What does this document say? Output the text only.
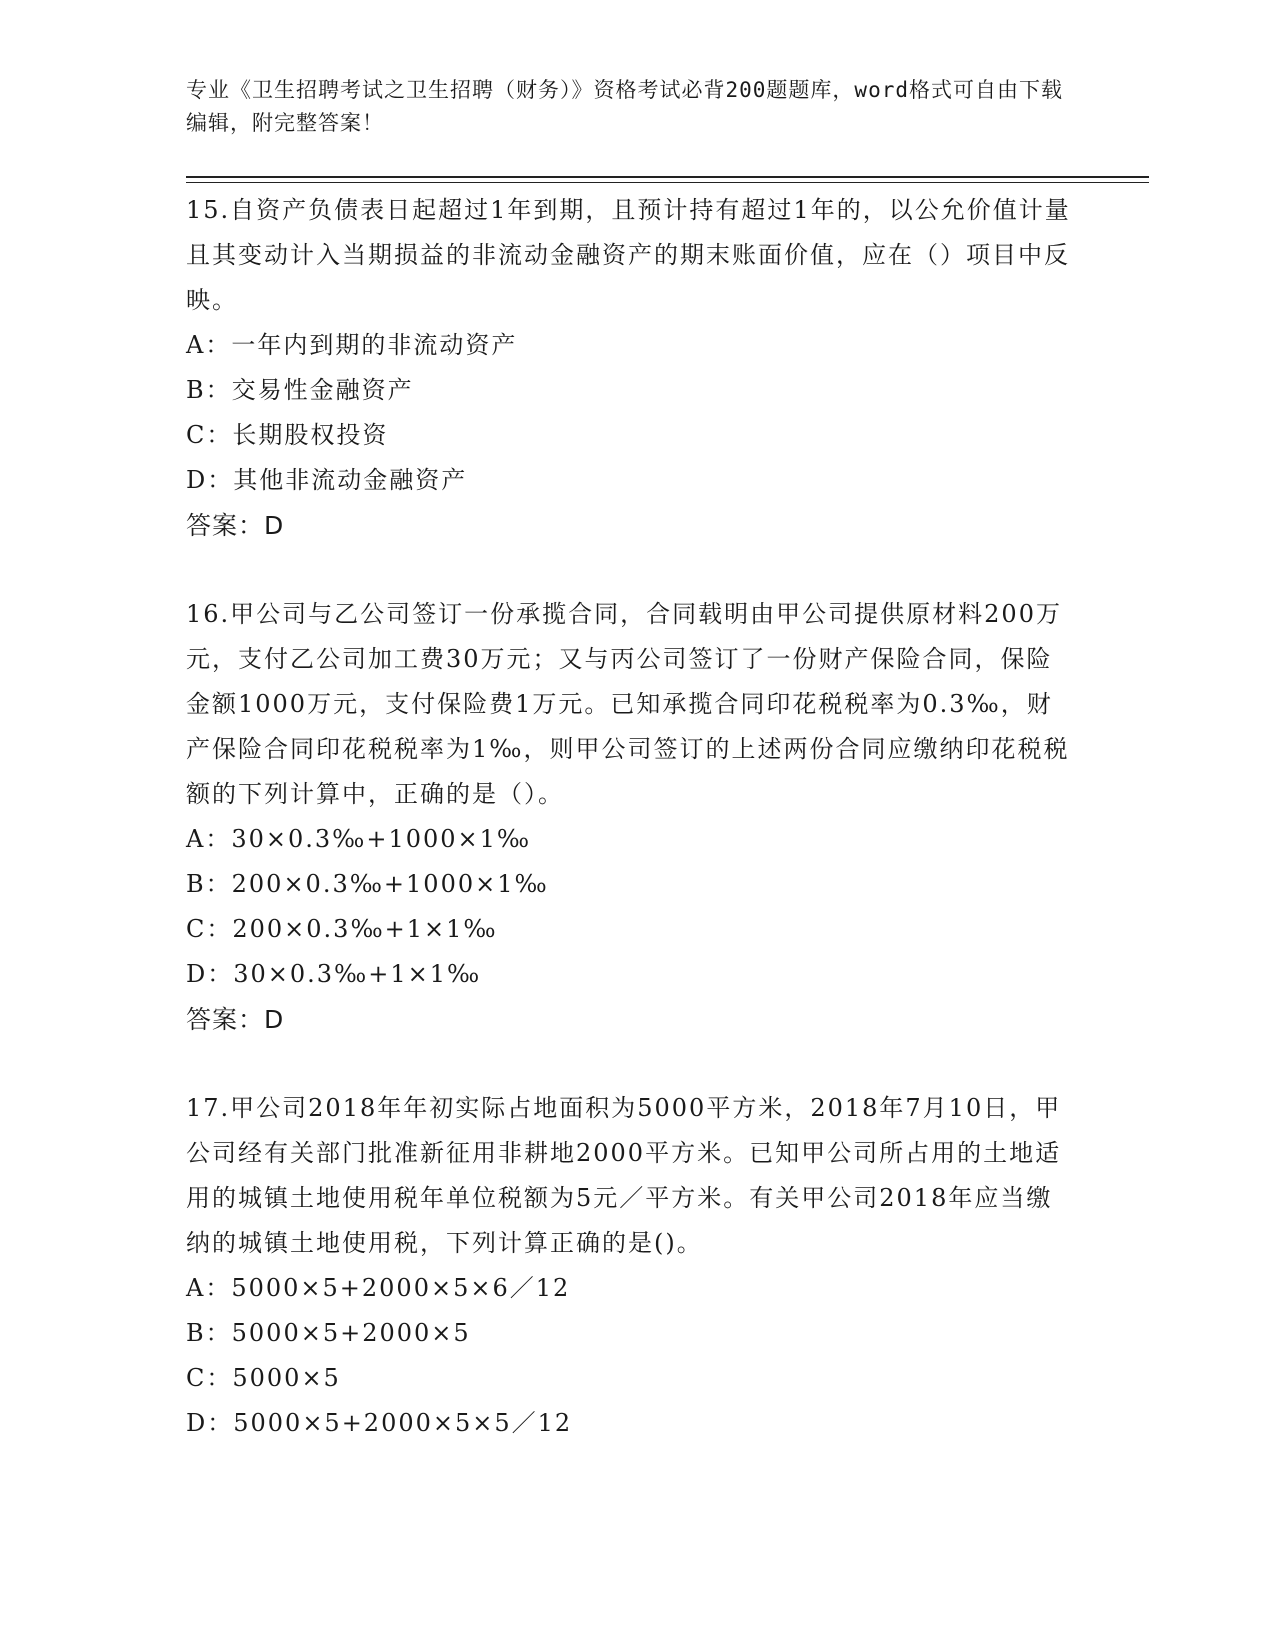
专业《卫生招聘考试之卫生招聘（财务）》资格考试必背200题题库，word格式可自由下载编辑，附完整答案！
15.自资产负债表日起超过1年到期，且预计持有超过1年的，以公允价值计量且其变动计入当期损益的非流动金融资产的期末账面价值，应在（）项目中反映。
A：一年内到期的非流动资产
B：交易性金融资产
C：长期股权投资
D：其他非流动金融资产
答案：D
16.甲公司与乙公司签订一份承揽合同，合同载明由甲公司提供原材料200万元，支付乙公司加工费30万元；又与丙公司签订了一份财产保险合同，保险金额1000万元，支付保险费1万元。已知承揽合同印花税税率为0.3‰，财产保险合同印花税税率为1‰，则甲公司签订的上述两份合同应缴纳印花税税额的下列计算中，正确的是（）。
A：30×0.3‰+1000×1‰
B：200×0.3‰+1000×1‰
C：200×0.3‰+1×1‰
D：30×0.3‰+1×1‰
答案：D
17.甲公司2018年年初实际占地面积为5000平方米，2018年7月10日，甲公司经有关部门批准新征用非耕地2000平方米。已知甲公司所占用的土地适用的城镇土地使用税年单位税额为5元／平方米。有关甲公司2018年应当缴纳的城镇土地使用税，下列计算正确的是()。
A：5000×5+2000×5×6／12
B：5000×5+2000×5
C：5000×5
D：5000×5+2000×5×5／12
